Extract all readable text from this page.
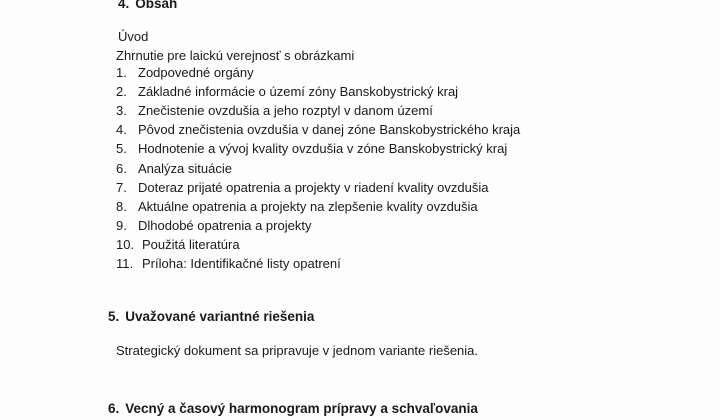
4. Obsah
Úvod
Zhrnutie pre laickú verejnosť s obrázkami
1. Zodpovedné orgány
2. Základné informácie o území zóny Banskobystrický kraj
3. Znečistenie ovzdušia a jeho rozptyl v danom území
4. Pôvod znečistenia ovzdušia v danej zóne Banskobystrického kraja
5. Hodnotenie a vývoj kvality ovzdušia v zóne Banskobystrický kraj
6. Analýza situácie
7. Doteraz prijaté opatrenia a projekty v riadení kvality ovzdušia
8. Aktuálne opatrenia a projekty na zlepšenie kvality ovzdušia
9. Dlhodobé opatrenia a projekty
10. Použitá literatúra
11. Príloha: Identifikačné listy opatrení
5. Uvažované variantné riešenia
Strategický dokument sa pripravuje v jednom variante riešenia.
6. Vecný a časový harmonogram prípravy a schvaľovania
